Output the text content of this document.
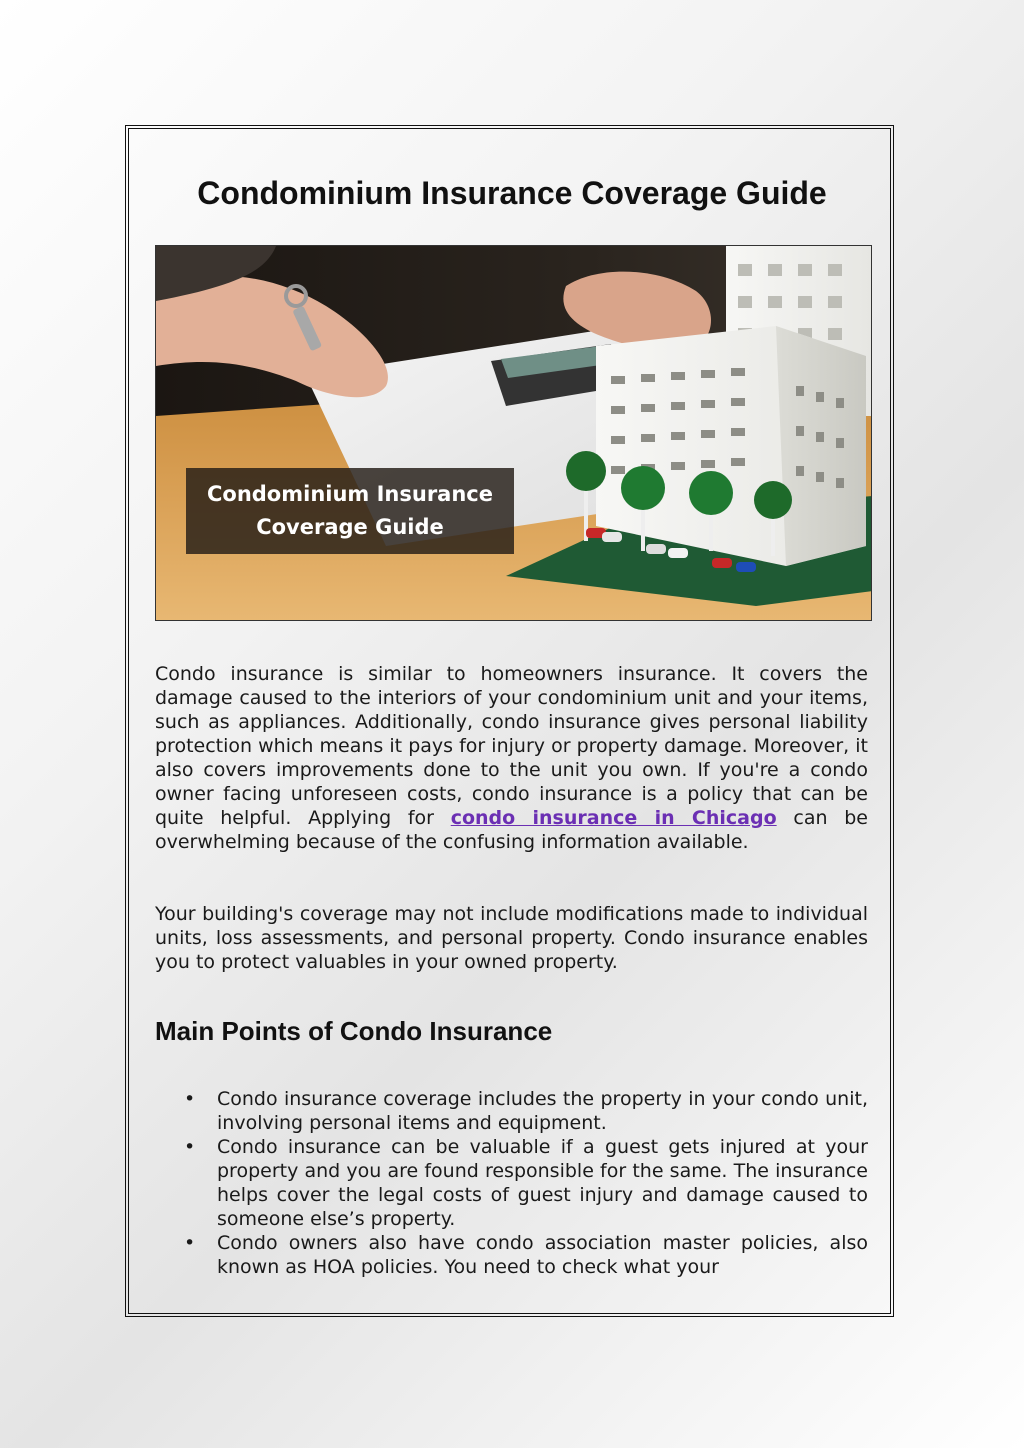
Condominium Insurance Coverage Guide
Condominium Insurance
Coverage Guide

Condo insurance is similar to homeowners insurance. It covers the damage caused to the interiors of your condominium unit and your items, such as appliances. Additionally, condo insurance gives personal liability protection which means it pays for injury or property damage. Moreover, it also covers improvements done to the unit you own. If you're a condo owner facing unforeseen costs, condo insurance is a policy that can be quite helpful. Applying for condo insurance in Chicago can be overwhelming because of the confusing information available.

Your building's coverage may not include modifications made to individual units, loss assessments, and personal property. Condo insurance enables you to protect valuables in your owned property.

Main Points of Condo Insurance
• Condo insurance coverage includes the property in your condo unit, involving personal items and equipment.
• Condo insurance can be valuable if a guest gets injured at your property and you are found responsible for the same. The insurance helps cover the legal costs of guest injury and damage caused to someone else’s property.
• Condo owners also have condo association master policies, also known as HOA policies. You need to check what your
